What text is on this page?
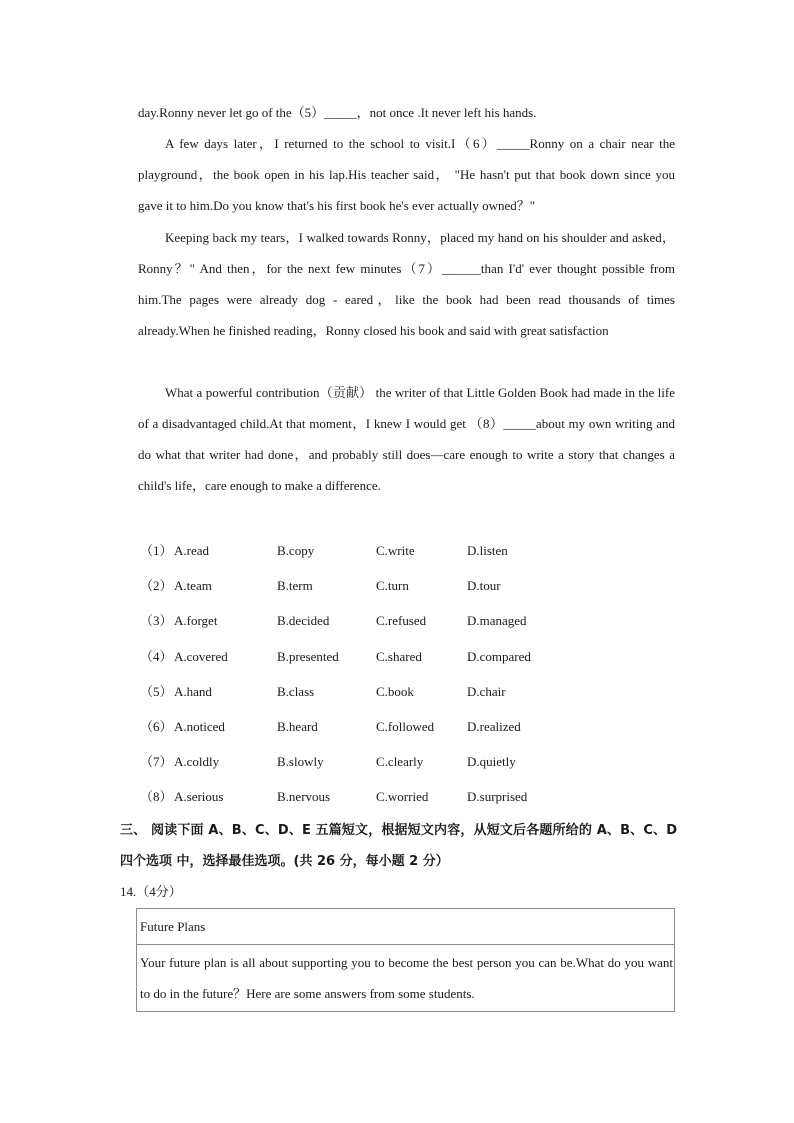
day.Ronny never let go of the（5）_____，not once .It never left his hands.
A few days later，I returned to the school to visit.I（6）_____Ronny on a chair near the playground，the book open in his lap.His teacher said， "He hasn't put that book down since you gave it to him.Do you know that's his first book he's ever actually owned？"
Keeping back my tears，I walked towards Ronny，placed my hand on his shoulder and asked，Ronny？" And then，for the next few minutes（7）______than I'd' ever thought possible from him.The pages were already dog - eared，like the book had been read thousands of times already.When he finished reading，Ronny closed his book and said with great satisfaction
What a powerful contribution（贡献） the writer of that Little Golden Book had made in the life of a disadvantaged child.At that moment，I knew I would get （8）_____about my own writing and do what that writer had done，and probably still does—care enough to write a story that changes a child's life，care enough to make a difference.
（1） A.read	B.copy	C.write	D.listen
（2） A.team	B.term	C.turn	D.tour
（3） A.forget	B.decided	C.refused	D.managed
（4） A.covered	B.presented	C.shared	D.compared
（5） A.hand	B.class	C.book	D.chair
（6） A.noticed	B.heard	C.followed	D.realized
（7） A.coldly	B.slowly	C.clearly	D.quietly
（8） A.serious	B.nervous	C.worried	D.surprised
三、 阅读下面 A、B、C、D、E 五篇短文，根据短文内容，从短文后各题所给的 A、B、C、D 四个选项 中，选择最佳选项。(共 26 分，每小题 2 分）
14.（4分）
Future Plans
Your future plan is all about supporting you to become the best person you can be.What do you want to do in the future？Here are some answers from some students.
